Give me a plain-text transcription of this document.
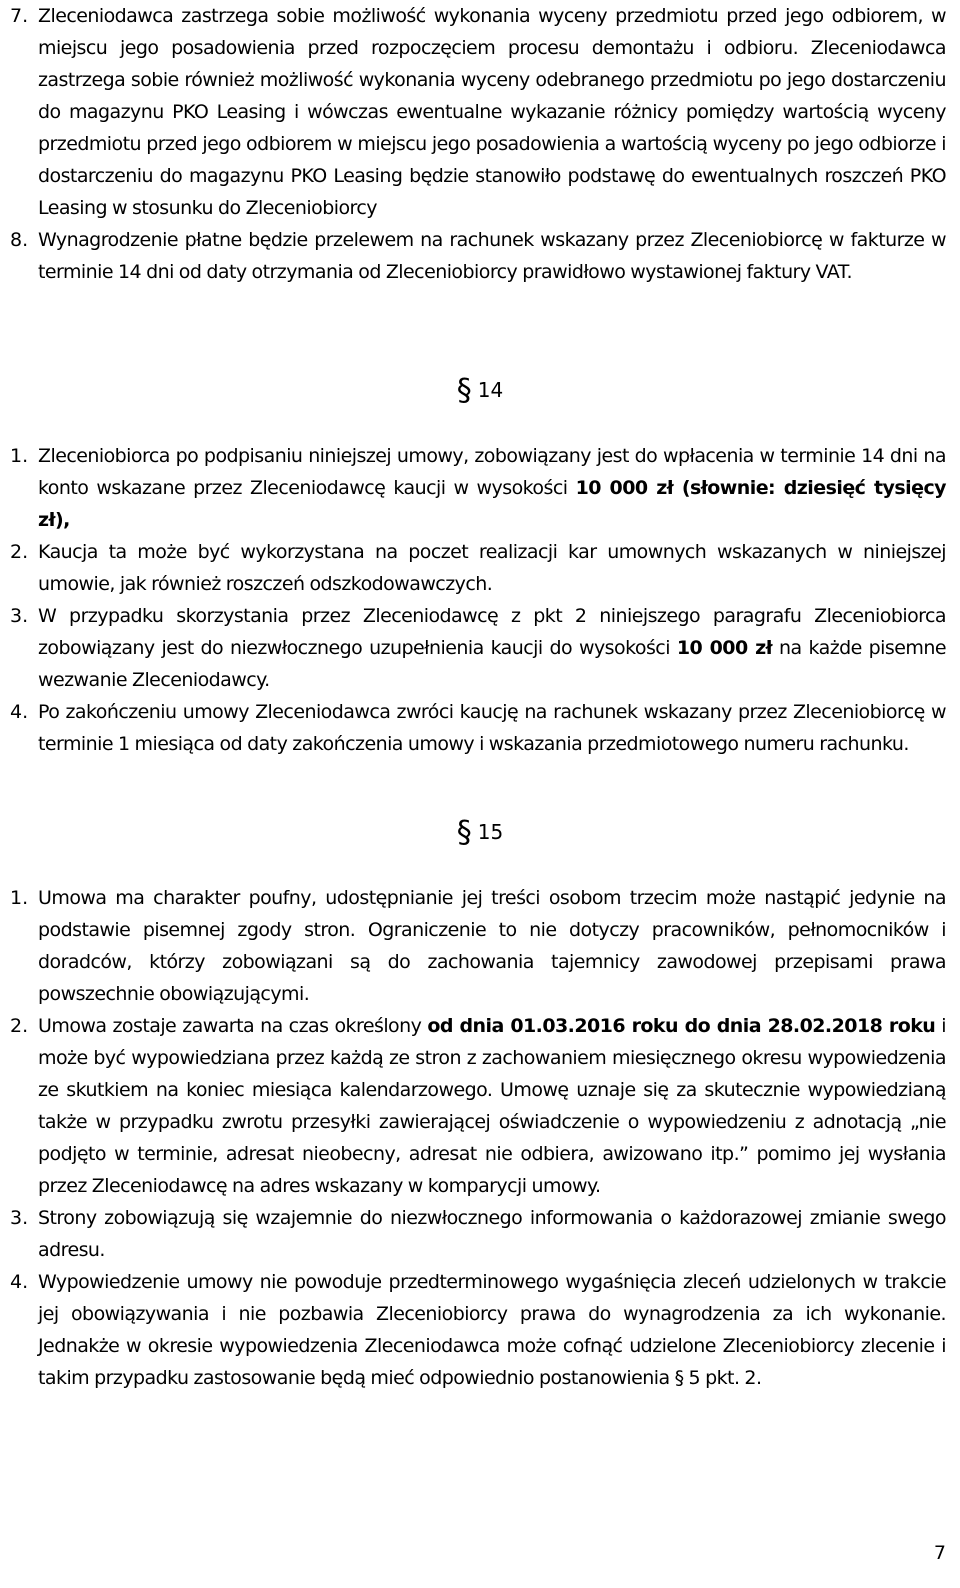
7. Zleceniodawca zastrzega sobie możliwość wykonania wyceny przedmiotu przed jego odbiorem, w miejscu jego posadowienia przed rozpoczęciem procesu demontażu i odbioru. Zleceniodawca zastrzega sobie również możliwość wykonania wyceny odebranego przedmiotu po jego dostarczeniu do magazynu PKO Leasing i wówczas ewentualne wykazanie różnicy pomiędzy wartością wyceny przedmiotu przed jego odbiorem w miejscu jego posadowienia a wartością wyceny po jego odbiorze i dostarczeniu do magazynu PKO Leasing będzie stanowiło podstawę do ewentualnych roszczeń PKO Leasing w stosunku do Zleceniobiorcy

8. Wynagrodzenie płatne będzie przelewem na rachunek wskazany przez Zleceniobiorcę w fakturze w terminie 14 dni od daty otrzymania od Zleceniobiorcy prawidłowo wystawionej faktury VAT.

§ 14
1. Zleceniobiorca po podpisaniu niniejszej umowy, zobowiązany jest do wpłacenia w terminie 14 dni na konto wskazane przez Zleceniodawcę kaucji w wysokości 10 000 zł (słownie: dziesięć tysięcy zł),

2. Kaucja ta może być wykorzystana na poczet realizacji kar umownych wskazanych w niniejszej umowie, jak również roszczeń odszkodowawczych.

3. W przypadku skorzystania przez Zleceniodawcę z pkt 2 niniejszego paragrafu Zleceniobiorca zobowiązany jest do niezwłocznego uzupełnienia kaucji do wysokości 10 000 zł na każde pisemne wezwanie Zleceniodawcy.

4. Po zakończeniu umowy Zleceniodawca zwróci kaucję na rachunek wskazany przez Zleceniobiorcę w terminie 1 miesiąca od daty zakończenia umowy i wskazania przedmiotowego numeru rachunku.

§ 15
1. Umowa ma charakter poufny, udostępnianie jej treści osobom trzecim może nastąpić jedynie na podstawie pisemnej zgody stron. Ograniczenie to nie dotyczy pracowników, pełnomocników i doradców, którzy zobowiązani są do zachowania tajemnicy zawodowej przepisami prawa powszechnie obowiązującymi.

2. Umowa zostaje zawarta na czas określony od dnia 01.03.2016 roku do dnia 28.02.2018 roku i może być wypowiedziana przez każdą ze stron z zachowaniem miesięcznego okresu wypowiedzenia ze skutkiem na koniec miesiąca kalendarzowego. Umowę uznaje się za skutecznie wypowiedzianą także w przypadku zwrotu przesyłki zawierającej oświadczenie o wypowiedzeniu z adnotacją „nie podjęto w terminie, adresat nieobecny, adresat nie odbiera, awizowano itp.” pomimo jej wysłania przez Zleceniodawcę na adres wskazany w komparycji umowy.

3. Strony zobowiązują się wzajemnie do niezwłocznego informowania o każdorazowej zmianie swego adresu.

4. Wypowiedzenie umowy nie powoduje przedterminowego wygaśnięcia zleceń udzielonych w trakcie jej obowiązywania i nie pozbawia Zleceniobiorcy prawa do wynagrodzenia za ich wykonanie. Jednakże w okresie wypowiedzenia Zleceniodawca może cofnąć udzielone Zleceniobiorcy zlecenie i takim przypadku zastosowanie będą mieć odpowiednio postanowienia § 5 pkt. 2.

7
